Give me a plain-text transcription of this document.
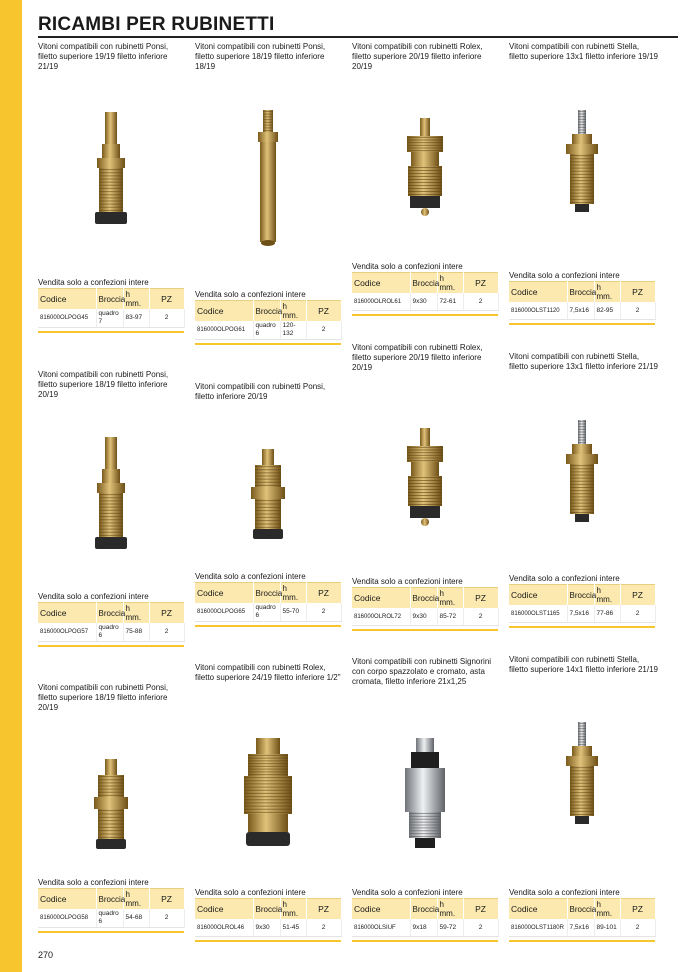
RICAMBI PER RUBINETTI
Vitoni compatibili con rubinetti Ponsi, filetto superiore 19/19 filetto inferiore 21/19
Vendita solo a confezioni intere
Codice	Broccia	h mm.	PZ
816000OLPOG45	quadro 7	83-97	2
Vitoni compatibili con rubinetti Ponsi, filetto superiore 18/19 filetto inferiore 18/19
Vendita solo a confezioni intere
Codice	Broccia	h mm.	PZ
816000OLPOG61	quadro 6	120-132	2
Vitoni compatibili con rubinetti Rolex, filetto superiore 20/19 filetto inferiore 20/19
Vendita solo a confezioni intere
Codice	Broccia	h mm.	PZ
816000OLROL61	9x30	72-61	2
Vitoni compatibili con rubinetti Stella, filetto superiore 13x1 filetto inferiore 19/19
Vendita solo a confezioni intere
Codice	Broccia	h mm.	PZ
816000OLST1120	7,5x16	82-95	2
Vitoni compatibili con rubinetti Ponsi, filetto superiore 18/19 filetto inferiore 20/19
Vendita solo a confezioni intere
Codice	Broccia	h mm.	PZ
816000OLPOG57	quadro 6	75-88	2
Vitoni compatibili con rubinetti Ponsi, filetto inferiore 20/19
Vendita solo a confezioni intere
Codice	Broccia	h mm.	PZ
816000OLPOG65	quadro 6	55-70	2
Vitoni compatibili con rubinetti Rolex, filetto superiore 20/19 filetto inferiore 20/19
Vendita solo a confezioni intere
Codice	Broccia	h mm.	PZ
816000OLROL72	9x30	85-72	2
Vitoni compatibili con rubinetti Stella, filetto superiore 13x1 filetto inferiore 21/19
Vendita solo a confezioni intere
Codice	Broccia	h mm.	PZ
816000OLST1165	7,5x16	77-86	2
Vitoni compatibili con rubinetti Ponsi, filetto superiore 18/19 filetto inferiore 20/19
Vendita solo a confezioni intere
Codice	Broccia	h mm.	PZ
816000OLPOG58	quadro 6	54-68	2
Vitoni compatibili con rubinetti Rolex, filetto superiore 24/19 filetto inferiore 1/2"
Vendita solo a confezioni intere
Codice	Broccia	h mm.	PZ
816000OLROL46	9x30	51-45	2
Vitoni compatibili con rubinetti Signorini con corpo spazzolato e cromato, asta cromata, filetto inferiore 21x1,25
Vendita solo a confezioni intere
Codice	Broccia	h mm.	PZ
816000OLSIUF	9x18	59-72	2
Vitoni compatibili con rubinetti Stella, filetto superiore 14x1 filetto inferiore 21/19
Vendita solo a confezioni intere
Codice	Broccia	h mm.	PZ
816000OLST1180R	7,5x16	89-101	2
270
